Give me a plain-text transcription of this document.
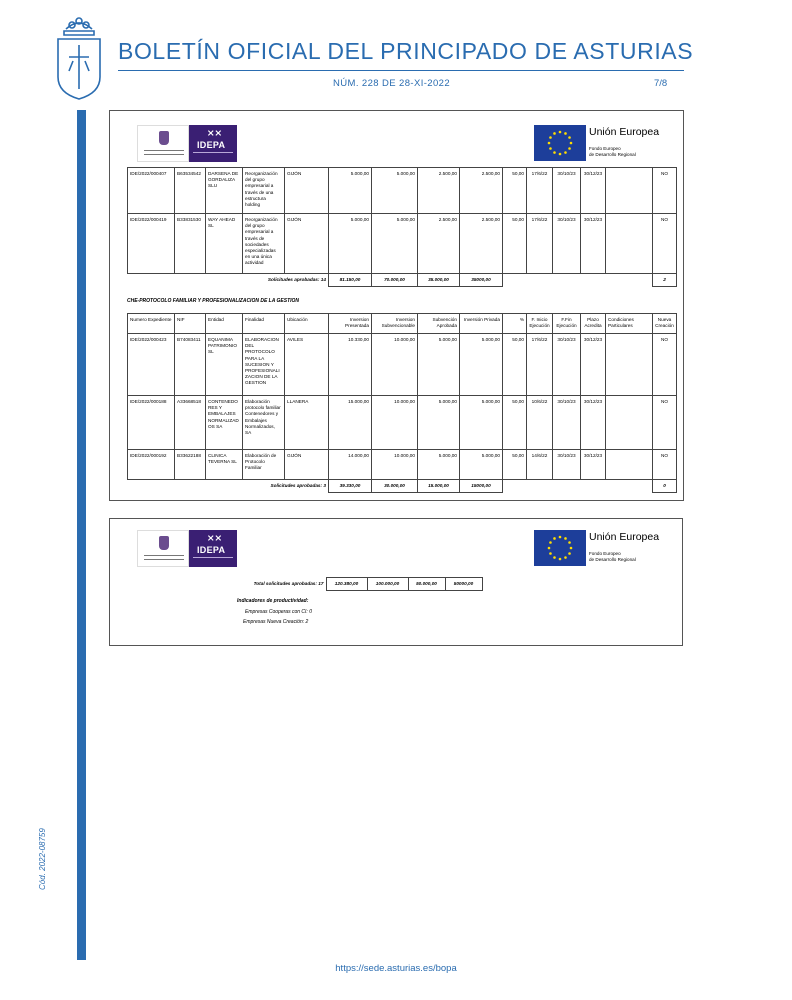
BOLETÍN OFICIAL DEL PRINCIPADO DE ASTURIAS
NÚM. 228 DE 28-XI-2022	7/8
Cód. 2022-08759
⨯⨯
IDEPA
Unión Europea
Fondo Europeo
de Desarrollo Regional
IDE/2022/000407	B63534542	DARSENA DE GORDALIZA SLU	Reorganización del grupo empresarial a través de una estructura holding	GIJÓN	5.000,00	5.000,00	2.500,00	2.500,00	50,00	17/6/22	30/10/23	30/12/23		NO
IDE/2022/000419	B33831530	WAY AHEAD SL	Reorganización del grupo empresarial a través de sociedades especializadas en una única actividad	GIJÓN	5.000,00	5.000,00	2.500,00	2.500,00	50,00	17/6/22	30/10/23	30/12/23		NO
Solicitudes aprobadas: 14					81.150,00	70.000,00	35.000,00	35000,00						2
CHE-PROTOCOLO FAMILIAR Y PROFESIONALIZACION DE LA GESTION
Numero Expediente	NIF	Entidad	Finalidad	Ubicación	Inversion Presentada	Inversion Subvencionable	Subvención Aprobada	Inversión Privada	%	F. Inicio Ejecución	F.Fin Ejecución	Plazo Acredita	Condiciones Particulares	Nueva Creación
IDE/2022/000423	B74083411	EQUANIMA PATRIMONIO SL	ELABORACION DEL PROTOCOLO PARA LA SUCESION Y PROFESIONALIZACION DE LA GESTION	AVILES	10.330,00	10.000,00	5.000,00	5.000,00	50,00	17/6/22	30/10/23	30/12/23		NO
IDE/2022/000188	A33668518	CONTENEDORES Y EMBALAJES NORMALIZADOS SA	Elaboración protocolo familiar Contenedores y Embalajes Normalizados, SA	LLANERA	15.000,00	10.000,00	5.000,00	5.000,00	50,00	10/6/22	30/10/23	30/12/23		NO
IDE/2022/000192	B33622188	CLINICA TEVERNA SL	Elaboración de Protocolo Familiar	GIJÓN	14.000,00	10.000,00	5.000,00	5.000,00	50,00	14/6/22	30/10/23	30/12/23		NO
Solicitudes aprobadas: 3					39.330,00	30.000,00	15.000,00	15000,00						0
⨯⨯
IDEPA
Unión Europea
Fondo Europeo
de Desarrollo Regional
Total solicitudes aprobadas: 17	120.380,00	100.000,00	50.000,00	50000,00
Indicadores de productividad:
Empresas Cooperas con CI: 0
Empresas Nueva Creación: 2
https://sede.asturias.es/bopa
